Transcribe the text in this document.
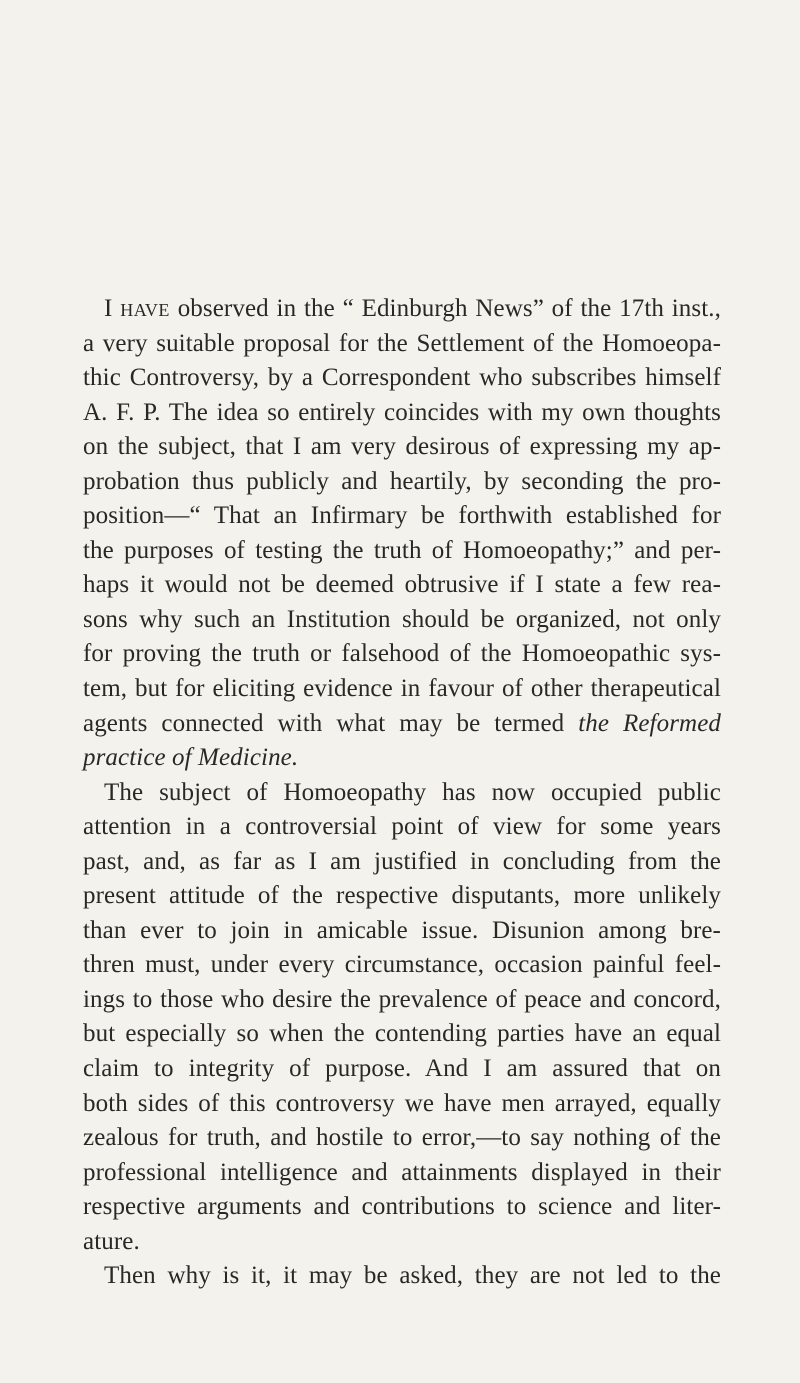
I have observed in the “ Edinburgh News” of the 17th inst.,
a very suitable proposal for the Settlement of the Homoeopa-
thic Controversy, by a Correspondent who subscribes himself
A. F. P. The idea so entirely coincides with my own thoughts
on the subject, that I am very desirous of expressing my ap-
probation thus publicly and heartily, by seconding the pro-
position—“ That an Infirmary be forthwith established for
the purposes of testing the truth of Homoeopathy;” and per-
haps it would not be deemed obtrusive if I state a few rea-
sons why such an Institution should be organized, not only
for proving the truth or falsehood of the Homoeopathic sys-
tem, but for eliciting evidence in favour of other therapeutical
agents connected with what may be termed the Reformed
practice of Medicine.
The subject of Homoeopathy has now occupied public
attention in a controversial point of view for some years
past, and, as far as I am justified in concluding from the
present attitude of the respective disputants, more unlikely
than ever to join in amicable issue. Disunion among bre-
thren must, under every circumstance, occasion painful feel-
ings to those who desire the prevalence of peace and concord,
but especially so when the contending parties have an equal
claim to integrity of purpose. And I am assured that on
both sides of this controversy we have men arrayed, equally
zealous for truth, and hostile to error,—to say nothing of the
professional intelligence and attainments displayed in their
respective arguments and contributions to science and liter-
ature.
Then why is it, it may be asked, they are not led to the
